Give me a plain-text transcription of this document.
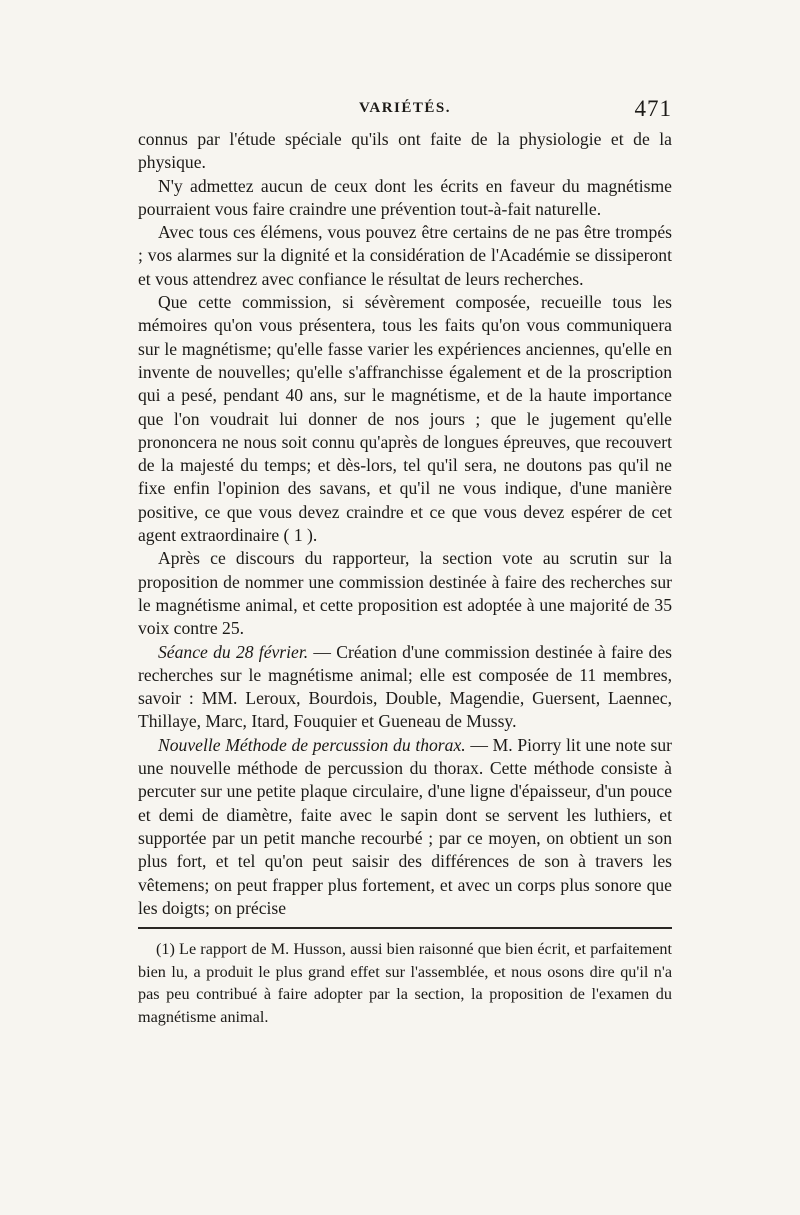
VARIÉTÉS.	471

connus par l'étude spéciale qu'ils ont faite de la physiologie et de la physique.

N'y admettez aucun de ceux dont les écrits en faveur du magnétisme pourraient vous faire craindre une prévention tout-à-fait naturelle.

Avec tous ces élémens, vous pouvez être certains de ne pas être trompés ; vos alarmes sur la dignité et la considération de l'Académie se dissiperont et vous attendrez avec confiance le résultat de leurs recherches.

Que cette commission, si sévèrement composée, recueille tous les mémoires qu'on vous présentera, tous les faits qu'on vous communiquera sur le magnétisme; qu'elle fasse varier les expériences anciennes, qu'elle en invente de nouvelles; qu'elle s'affranchisse également et de la proscription qui a pesé, pendant 40 ans, sur le magnétisme, et de la haute importance que l'on voudrait lui donner de nos jours ; que le jugement qu'elle prononcera ne nous soit connu qu'après de longues épreuves, que recouvert de la majesté du temps; et dès-lors, tel qu'il sera, ne doutons pas qu'il ne fixe enfin l'opinion des savans, et qu'il ne vous indique, d'une manière positive, ce que vous devez craindre et ce que vous devez espérer de cet agent extraordinaire ( 1 ).

Après ce discours du rapporteur, la section vote au scrutin sur la proposition de nommer une commission destinée à faire des recherches sur le magnétisme animal, et cette proposition est adoptée à une majorité de 35 voix contre 25.

Séance du 28 février. — Création d'une commission destinée à faire des recherches sur le magnétisme animal; elle est composée de 11 membres, savoir : MM. Leroux, Bourdois, Double, Magendie, Guersent, Laennec, Thillaye, Marc, Itard, Fouquier et Gueneau de Mussy.

Nouvelle Méthode de percussion du thorax. — M. Piorry lit une note sur une nouvelle méthode de percussion du thorax. Cette méthode consiste à percuter sur une petite plaque circulaire, d'une ligne d'épaisseur, d'un pouce et demi de diamètre, faite avec le sapin dont se servent les luthiers, et supportée par un petit manche recourbé ; par ce moyen, on obtient un son plus fort, et tel qu'on peut saisir des différences de son à travers les vêtemens; on peut frapper plus fortement, et avec un corps plus sonore que les doigts; on précise

(1) Le rapport de M. Husson, aussi bien raisonné que bien écrit, et parfaitement bien lu, a produit le plus grand effet sur l'assemblée, et nous osons dire qu'il n'a pas peu contribué à faire adopter par la section, la proposition de l'examen du magnétisme animal.
